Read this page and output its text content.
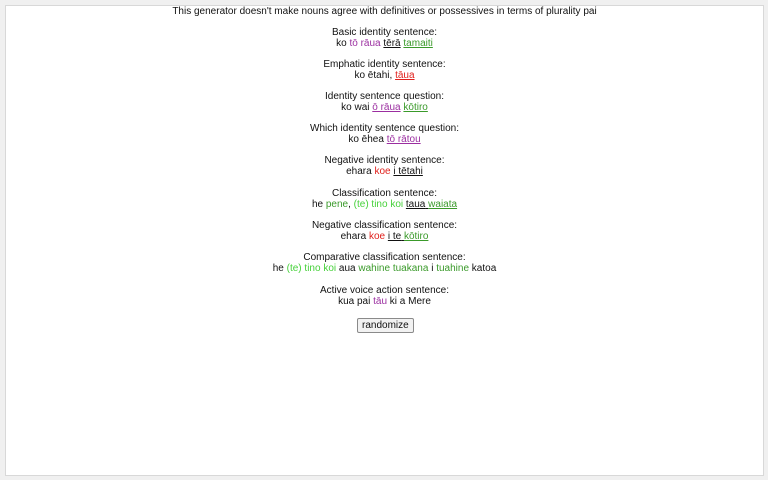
This generator doesn't make nouns agree with definitives or possessives in terms of plurality pai
Basic identity sentence:
ko tō rāua tērā tamaiti
Emphatic identity sentence:
ko ētahi, tāua
Identity sentence question:
ko wai ō rāua kōtiro
Which identity sentence question:
ko ēhea tō rātou
Negative identity sentence:
ehara koe i tētahi
Classification sentence:
he pene, (te) tino koi taua waiata
Negative classification sentence:
ehara koe i te kōtiro
Comparative classification sentence:
he (te) tino koi aua wahine tuakana i tuahine katoa
Active voice action sentence:
kua pai tāu ki a Mere
randomize
